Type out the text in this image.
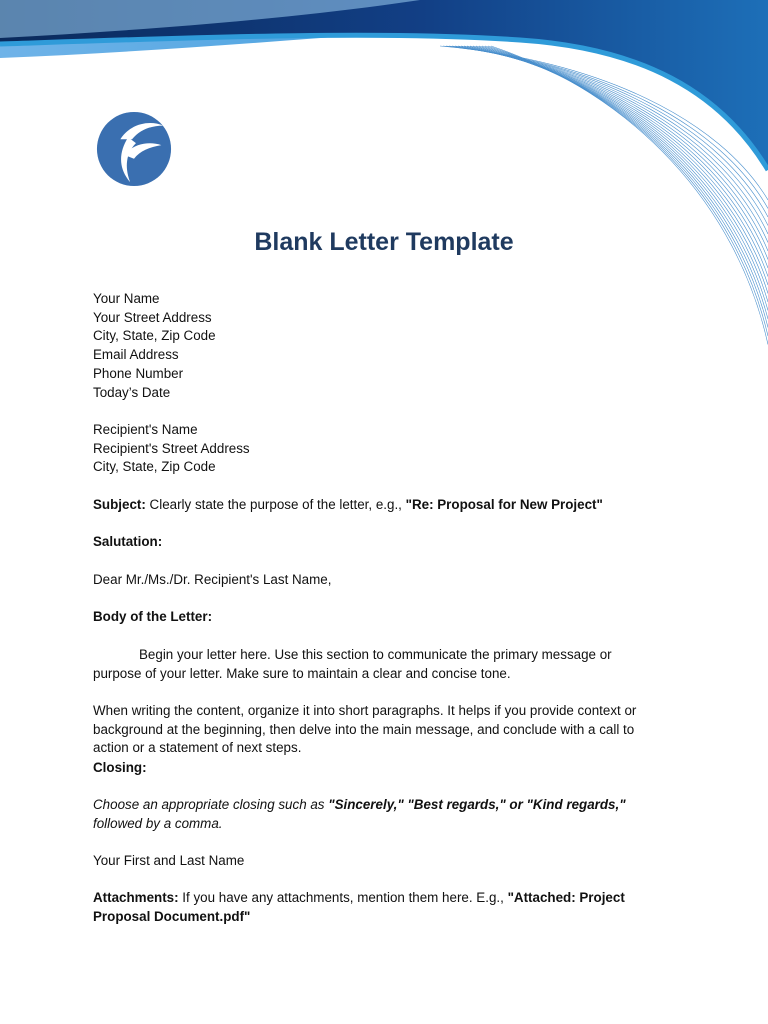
Blank Letter Template
Your Name
Your Street Address
City, State, Zip Code
Email Address
Phone Number
Today’s Date
Recipient's Name
Recipient's Street Address
City, State, Zip Code
Subject: Clearly state the purpose of the letter, e.g., "Re: Proposal for New Project"
Salutation:
Dear Mr./Ms./Dr. Recipient's Last Name,
Body of the Letter:
Begin your letter here. Use this section to communicate the primary message or purpose of your letter. Make sure to maintain a clear and concise tone.
When writing the content, organize it into short paragraphs. It helps if you provide context or background at the beginning, then delve into the main message, and conclude with a call to action or a statement of next steps.
Closing:
Choose an appropriate closing such as "Sincerely," "Best regards," or "Kind regards," followed by a comma.
Your First and Last Name
Attachments: If you have any attachments, mention them here. E.g., "Attached: Project Proposal Document.pdf"
